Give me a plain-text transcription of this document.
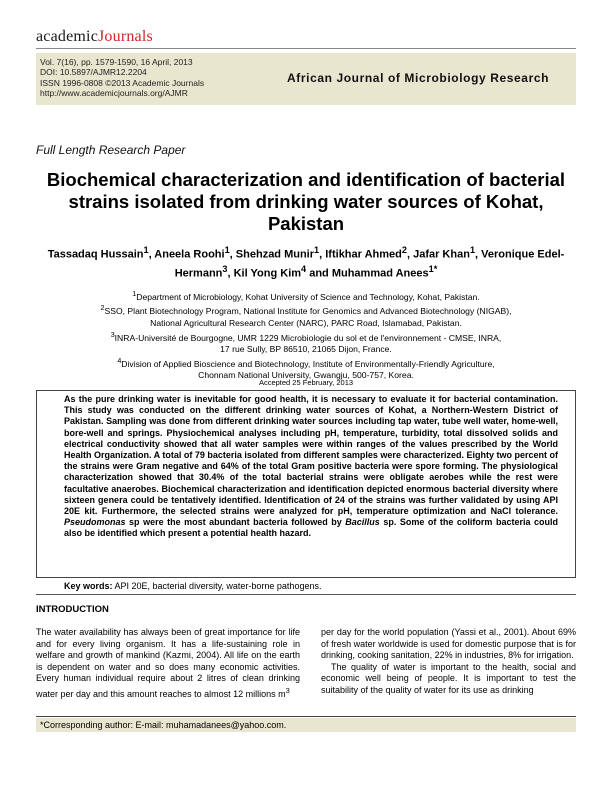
academicJournals
Vol. 7(16), pp. 1579-1590, 16 April, 2013
DOI: 10.5897/AJMR12.2204
ISSN 1996-0808 ©2013 Academic Journals
http://www.academicjournals.org/AJMR
African Journal of Microbiology Research
Full Length Research Paper
Biochemical characterization and identification of bacterial strains isolated from drinking water sources of Kohat, Pakistan
Tassadaq Hussain$^1$, Aneela Roohi$^1$, Shehzad Munir$^1$, Iftikhar Ahmed$^2$, Jafar Khan$^1$, Veronique Edel-Hermann$^3$, Kil Yong Kim$^4$ and Muhammad Anees$^{1*}$
$^1$Department of Microbiology, Kohat University of Science and Technology, Kohat, Pakistan.
$^2$SSO, Plant Biotechnology Program, National Institute for Genomics and Advanced Biotechnology (NIGAB),
National Agricultural Research Center (NARC), PARC Road, Islamabad, Pakistan.
$^3$INRA-Université de Bourgogne, UMR 1229 Microbiologie du sol et de l'environnement - CMSE, INRA,
17 rue Sully, BP 86510, 21065 Dijon, France.
$^4$Division of Applied Bioscience and Biotechnology, Institute of Environmentally-Friendly Agriculture,
Chonnam National University, Gwangju, 500-757, Korea.
Accepted 25 February, 2013
As the pure drinking water is inevitable for good health, it is necessary to evaluate it for bacterial contamination. This study was conducted on the different drinking water sources of Kohat, a Northern-Western District of Pakistan. Sampling was done from different drinking water sources including tap water, tube well water, home-well, bore-well and springs. Physiochemical analyses including pH, temperature, turbidity, total dissolved solids and electrical conductivity showed that all water samples were within ranges of the values prescribed by the World Health Organization. A total of 79 bacteria isolated from different samples were characterized. Eighty two percent of the strains were Gram negative and 64% of the total Gram positive bacteria were spore forming. The physiological characterization showed that 30.4% of the total bacterial strains were obligate aerobes while the rest were facultative anaerobes. Biochemical characterization and identification depicted enormous bacterial diversity where sixteen genera could be tentatively identified. Identification of 24 of the strains was further validated by using API 20E kit. Furthermore, the selected strains were analyzed for pH, temperature optimization and NaCl tolerance. Pseudomonas sp were the most abundant bacteria followed by Bacillus sp. Some of the coliform bacteria could also be identified which present a potential health hazard.
Key words: API 20E, bacterial diversity, water-borne pathogens.
INTRODUCTION

The water availability has always been of great importance for life and for every living organism. It has a life-sustaining role in welfare and growth of mankind (Kazmi, 2004). All life on the earth is dependent on water and so does many economic activities. Every human individual require about 2 litres of clean drinking water per day and this amount reaches to almost 12 millions $m^3$

per day for the world population (Yassi et al., 2001). About 69% of fresh water worldwide is used for domestic purpose that is for drinking, cooking sanitation, 22% in industries, 8% for irrigation.

The quality of water is important to the health, social and economic well being of people. It is important to test the suitability of the quality of water for its use as drinking

*Corresponding author: E-mail: muhamadanees@yahoo.com.
